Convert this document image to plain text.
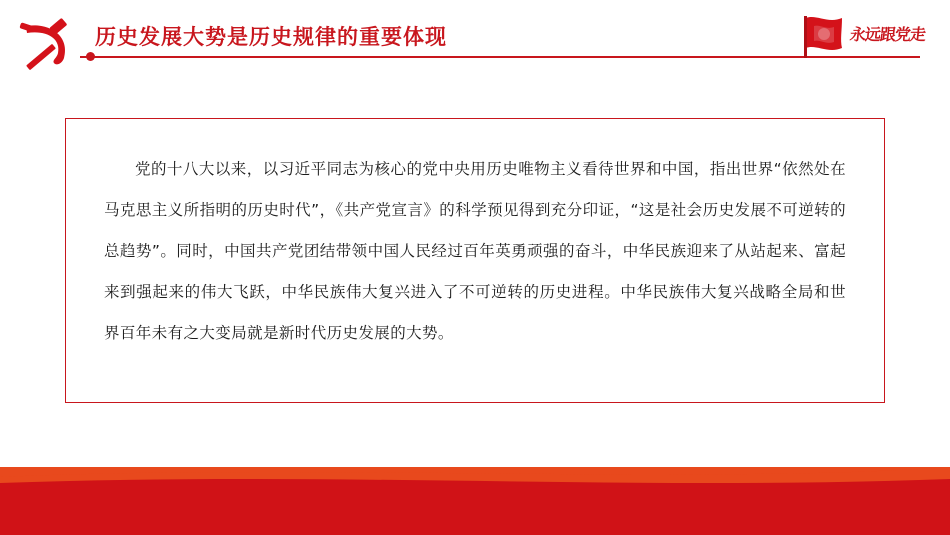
历史发展大势是历史规律的重要体现	永远跟党走
党的十八大以来，以习近平同志为核心的党中央用历史唯物主义看待世界和中国，指出世界“依然处在马克思主义所指明的历史时代”，《共产党宣言》的科学预见得到充分印证，“这是社会历史发展不可逆转的总趋势”。同时，中国共产党团结带领中国人民经过百年英勇顽强的奋斗，中华民族迎来了从站起来、富起来到强起来的伟大飞跃，中华民族伟大复兴进入了不可逆转的历史进程。中华民族伟大复兴战略全局和世界百年未有之大变局就是新时代历史发展的大势。
